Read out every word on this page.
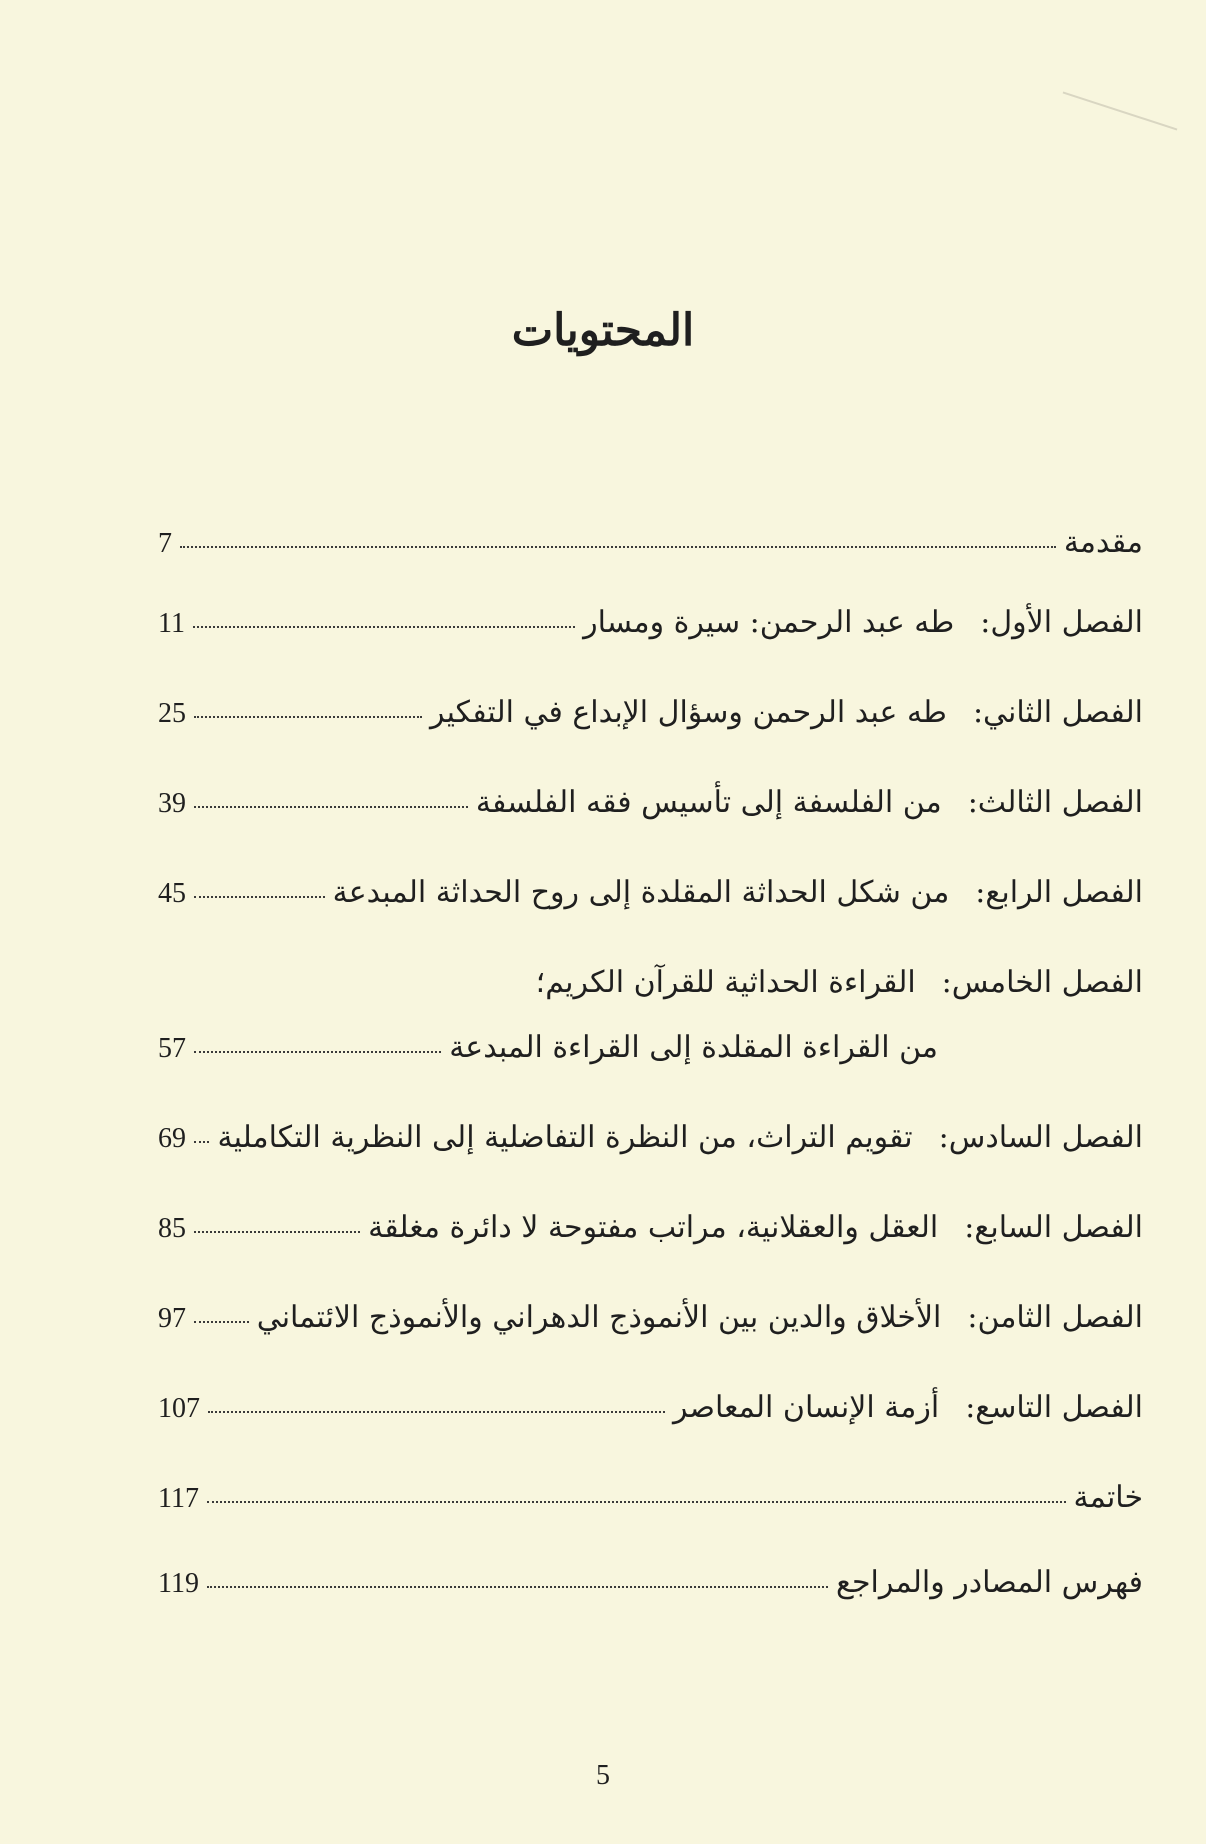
المحتويات
مقدمة
7
الفصل الأول:
طه عبد الرحمن: سيرة ومسار
11
الفصل الثاني:
طه عبد الرحمن وسؤال الإبداع في التفكير
25
الفصل الثالث:
من الفلسفة إلى تأسيس فقه الفلسفة
39
الفصل الرابع:
من شكل الحداثة المقلدة إلى روح الحداثة المبدعة
45
الفصل الخامس:
القراءة الحداثية للقرآن الكريم؛
من القراءة المقلدة إلى القراءة المبدعة
57
الفصل السادس:
تقويم التراث، من النظرة التفاضلية إلى النظرية التكاملية
69
الفصل السابع:
العقل والعقلانية، مراتب مفتوحة لا دائرة مغلقة
85
الفصل الثامن:
الأخلاق والدين بين الأنموذج الدهراني والأنموذج الائتماني
97
الفصل التاسع:
أزمة الإنسان المعاصر
107
خاتمة
117
فهرس المصادر والمراجع
119
5
